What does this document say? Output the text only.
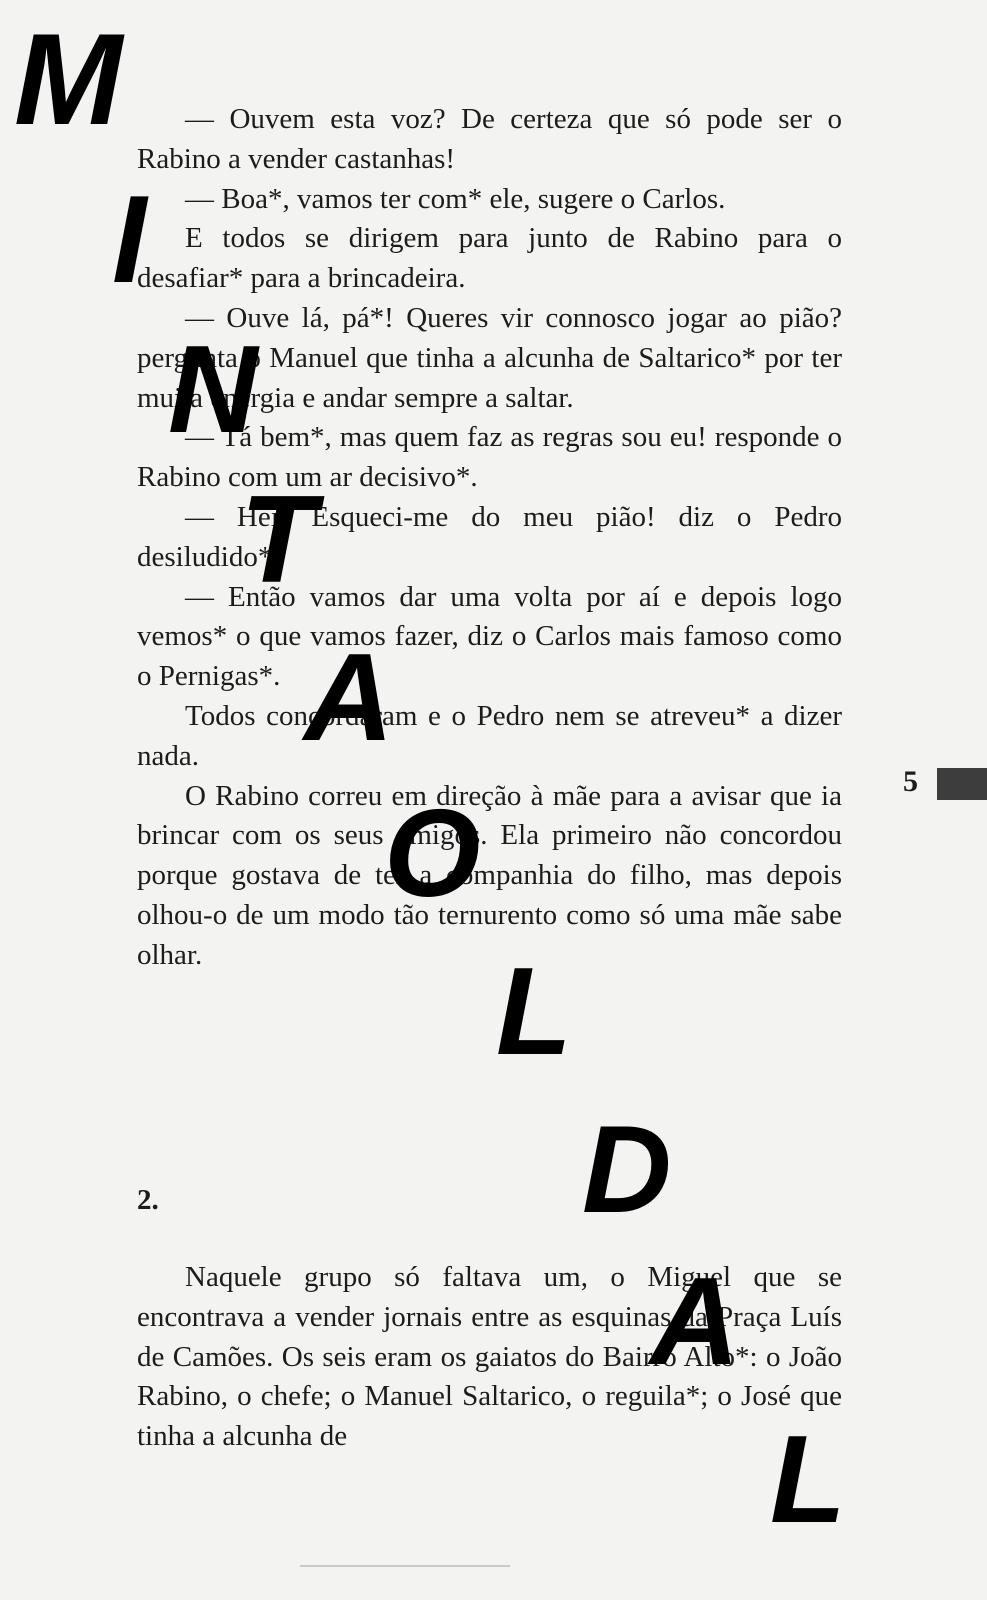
— Ouvem esta voz? De certeza que só pode ser o Rabino a vender castanhas!

— Boa*, vamos ter com* ele, sugere o Carlos.

E todos se dirigem para junto de Rabino para o desafiar* para a brincadeira.

— Ouve lá, pá*! Queres vir connosco jogar ao pião? pergunta o Manuel que tinha a alcunha de Saltarico* por ter muita energia e andar sempre a saltar.

— Tá bem*, mas quem faz as regras sou eu! responde o Rabino com um ar decisivo*.

— Hei! Esqueci-me do meu pião! diz o Pedro desiludido*.

— Então vamos dar uma volta por aí e depois logo vemos* o que vamos fazer, diz o Carlos mais famoso como o Pernigas*.

Todos concordaram e o Pedro nem se atreveu* a dizer nada.

O Rabino correu em direção à mãe para a avisar que ia brincar com os seus amigos. Ela primeiro não concordou porque gostava de ter a companhia do filho, mas depois olhou-o de um modo tão ternurento como só uma mãe sabe olhar.

2.

Naquele grupo só faltava um, o Miguel que se encontrava a vender jornais entre as esquinas da Praça Luís de Camões. Os seis eram os gaiatos do Bairro Alto*: o João Rabino, o chefe; o Manuel Saltarico, o reguila*; o José que tinha a alcunha de

5
M
I
N
T
A
O
L
D
A
L
